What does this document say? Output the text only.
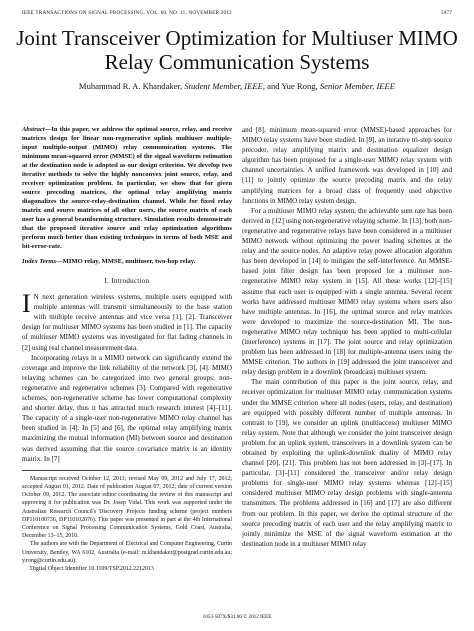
IEEE TRANSACTIONS ON SIGNAL PROCESSING, VOL. 60, NO. 11, NOVEMBER 2012	5977
Joint Transceiver Optimization for Multiuser MIMO Relay Communication Systems
Muhammad R. A. Khandaker, Student Member, IEEE, and Yue Rong, Senior Member, IEEE
Abstract—In this paper, we address the optimal source, relay, and receive matrices design for linear non-regenerative uplink multiuser multiple-input multiple-output (MIMO) relay communication systems. The minimum mean-squared error (MMSE) of the signal waveform estimation at the destination node is adopted as our design criterion. We develop two iterative methods to solve the highly nonconvex joint source, relay, and receiver optimization problem. In particular, we show that for given source precoding matrices, the optimal relay amplifying matrix diagonalizes the source-relay-destination channel. While for fixed relay matrix and source matrices of all other users, the source matrix of each user has a general beamforming structure. Simulation results demonstrate that the proposed iterative source and relay optimization algorithms perform much better than existing techniques in terms of both MSE and bit-error-rate.
Index Terms—MIMO relay, MMSE, multiuser, two-hop relay.
I. Introduction

I N next generation wireless systems, multiple users equipped with multiple antennas will transmit simultaneously to the base station with multiple receive antennas and vice versa [1], [2]. Transceiver design for multiuser MIMO systems has been studied in [1]. The capacity of multiuser MIMO systems was investigated for flat fading channels in [2] using real channel measurement data.

Incorporating relays in a MIMO network can significantly extend the coverage and improve the link reliability of the network [3], [4]. MIMO relaying schemes can be categorized into two general groups: non-regenerative and regenerative schemes [3]. Compared with regenerative schemes, non-regenerative scheme has lower computational complexity and shorter delay, thus it has attracted much research interest [4]–[11]. The capacity of a single-user non-regenerative MIMO relay channel has been studied in [4]. In [5] and [6], the optimal relay amplifying matrix maximizing the mutual information (MI) between source and destination was derived assuming that the source covariance matrix is an identity matrix. In [7]

Manuscript received October 12, 2011; revised May 09, 2012 and July 17, 2012; accepted August 01, 2012. Date of publication August 07, 2012; date of current version October 09, 2012. The associate editor coordinating the review of this manuscript and approving it for publication was Dr. Josep Vidal. This work was supported under the Australian Research Council's Discovery Projects funding scheme (project numbers DP110100736, DP110102076). This paper was presented in part at the 4th International Conference on Signal Processing Communication Systems, Gold Coast, Australia, December 13–15, 2010.

The authors are with the Department of Electrical and Computer Engineering, Curtin University, Bentley, WA 6102, Australia (e-mail: m.khandaker@postgrad.curtin.edu.au; y.rong@curtin.edu.au).

Digital Object Identifier 10.1109/TSP.2012.2212013

and [8], minimum mean-squared error (MMSE)-based approaches for MIMO relay systems have been studied. In [9], an iterative tri-step source precoder, relay amplifying matrix and destination equalizer design algorithm has been proposed for a single-user MIMO relay system with channel uncertainties. A unified framework was developed in [10] and [11] to jointly optimize the source precoding matrix and the relay amplifying matrices for a broad class of frequently used objective functions in MIMO relay system design.

For a multiuser MIMO relay system, the achievable sum rate has been derived in [12] using non-regenerative relaying scheme. In [13], both non-regenerative and regenerative relays have been considered in a multiuser MIMO network without optimizing the power loading schemes at the relay and the source nodes. An adaptive relay power allocation algorithm has been developed in [14] to mitigate the self-interference. An MMSE-based joint filter design has been proposed for a multiuser non-regenerative MIMO relay system in [15]. All these works [12]–[15] assume that each user is equipped with a single antenna. Several recent works have addressed multiuser MIMO relay systems where users also have multiple antennas. In [16], the optimal source and relay matrices were developed to maximize the source-destination MI. The non-regenerative MIMO relay technique has been applied to multi-cellular (interference) systems in [17]. The joint source and relay optimization problem has been addressed in [18] for multiple-antenna users using the MMSE criterion. The authors in [19] addressed the joint transceiver and relay design problem in a downlink (broadcast) multiuser system.

The main contribution of this paper is the joint source, relay, and receiver optimization for multiuser MIMO relay communication systems under the MMSE criterion where all nodes (users, relay, and destination) are equipped with possibly different number of multiple antennas. In contrast to [19], we consider an uplink (multiaccess) multiuser MIMO relay system. Note that although we consider the joint transceiver design problem for an uplink system, transceivers in a downlink system can be obtained by exploiting the uplink-downlink duality of MIMO relay channel [20], [21]. This problem has not been addressed in [3]–[17]. In particular, [3]–[11] considered the transceiver and/or relay design problems for single-user MIMO relay systems whereas [12]–[15] considered multiuser MIMO relay design problems with single-antenna transmitters. The problems addressed in [16] and [17] are also different from our problem. In this paper, we derive the optimal structure of the source precoding matrix of each user and the relay amplifying matrix to jointly minimize the MSE of the signal waveform estimation at the destination node in a multiuser MIMO relay

1053-587X/$31.00 © 2012 IEEE
